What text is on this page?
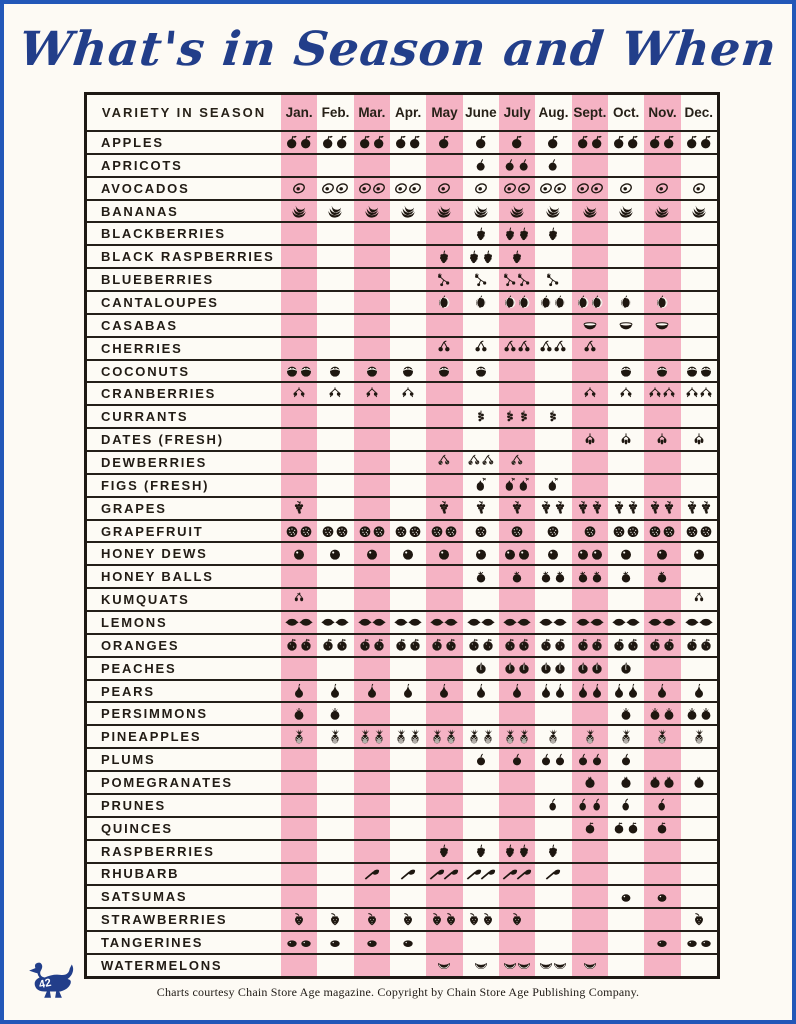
What's in Season and When
VARIETY IN SEASON	Jan. Feb. Mar. Apr. May June July Aug. Sept. Oct. Nov. Dec.
APPLES
APRICOTS
AVOCADOS
BANANAS
BLACKBERRIES
BLACK RASPBERRIES
BLUEBERRIES
CANTALOUPES
CASABAS
CHERRIES
COCONUTS
CRANBERRIES
CURRANTS
DATES (FRESH)
DEWBERRIES
FIGS (FRESH)
GRAPES
GRAPEFRUIT
HONEY DEWS
HONEY BALLS
KUMQUATS
LEMONS
ORANGES
PEACHES
PEARS
PERSIMMONS
PINEAPPLES
PLUMS
POMEGRANATES
PRUNES
QUINCES
RASPBERRIES
RHUBARB
SATSUMAS
STRAWBERRIES
TANGERINES
WATERMELONS

Charts courtesy Chain Store Age magazine. Copyright by Chain Store Age Publishing Company.

42
